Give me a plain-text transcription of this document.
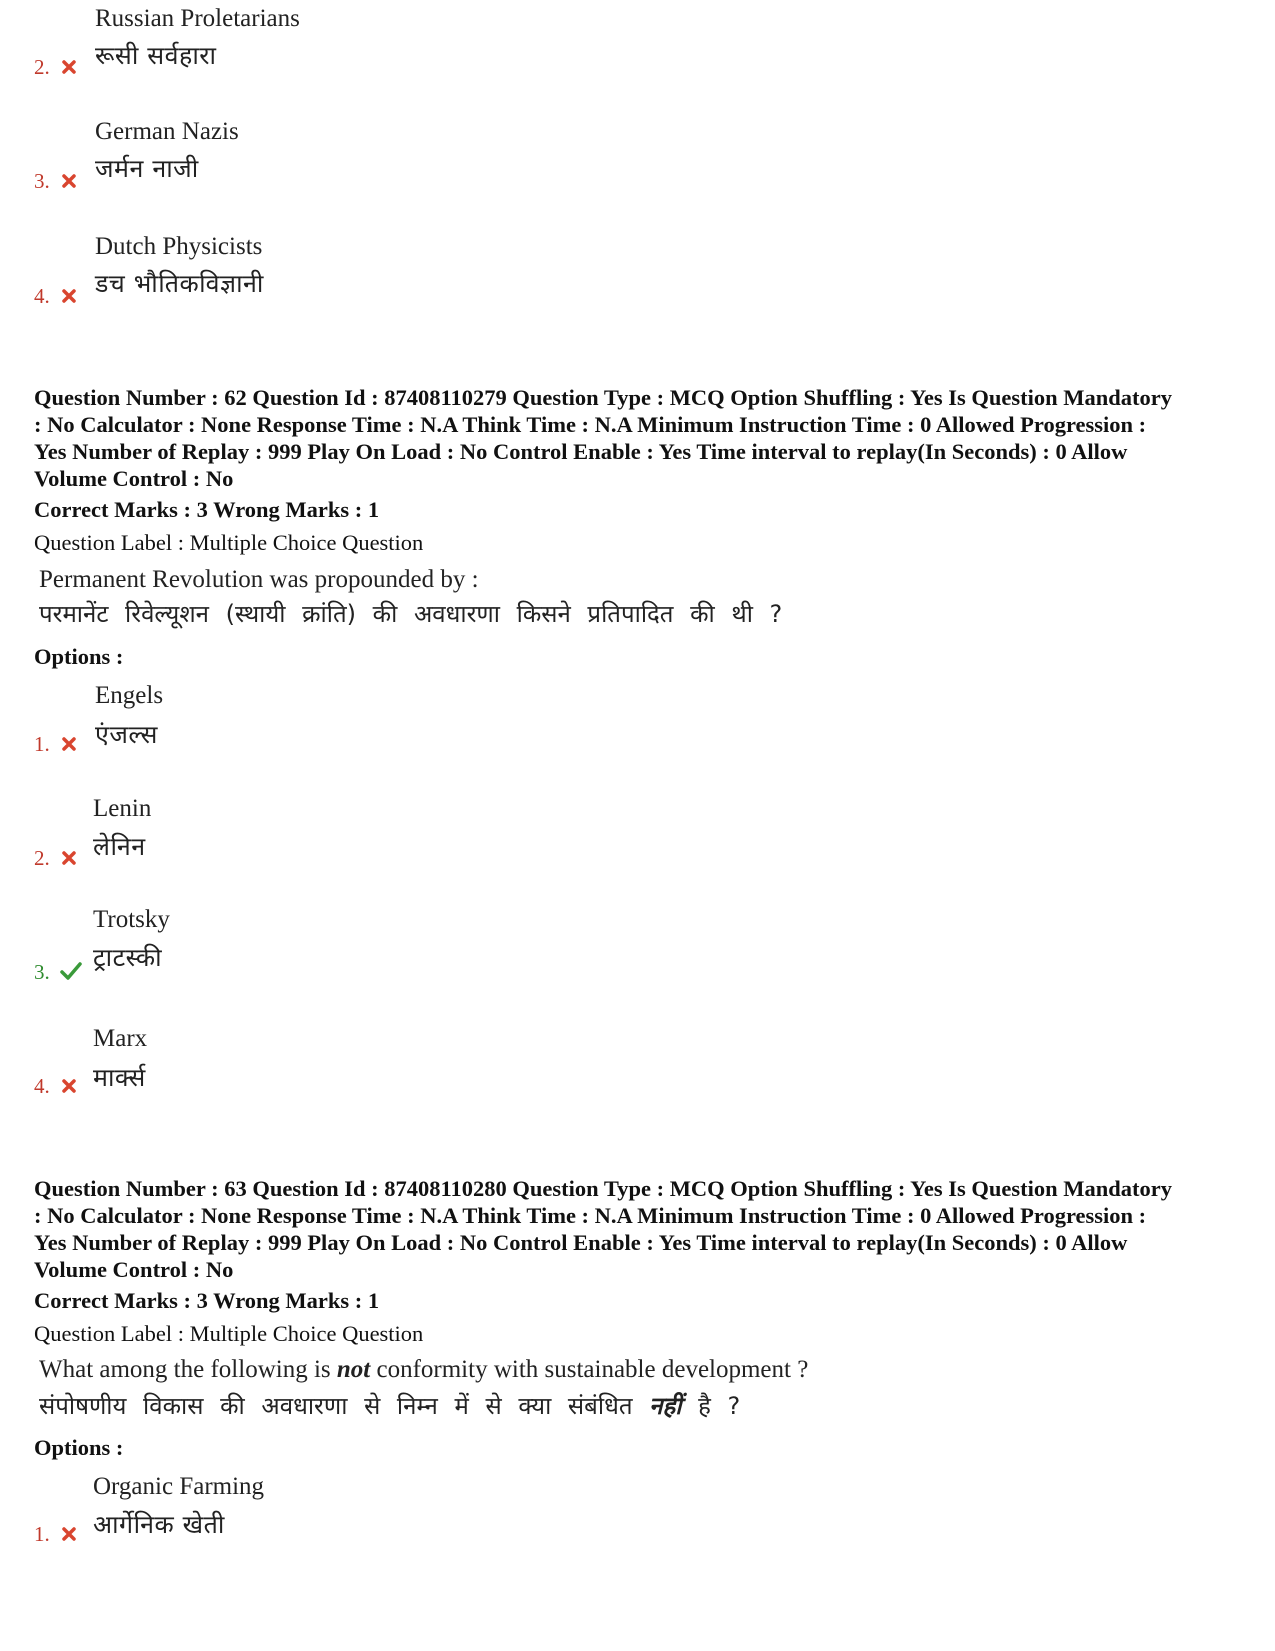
Russian Proletarians
रूसी सर्वहारा
2.
German Nazis
जर्मन नाजी
3.
Dutch Physicists
डच भौतिकविज्ञानी
4.
Question Number : 62 Question Id : 87408110279 Question Type : MCQ Option Shuffling : Yes Is Question Mandatory : No Calculator : None Response Time : N.A Think Time : N.A Minimum Instruction Time : 0 Allowed Progression : Yes Number of Replay : 999 Play On Load : No Control Enable : Yes Time interval to replay(In Seconds) : 0 Allow Volume Control : No
Correct Marks : 3 Wrong Marks : 1
Question Label : Multiple Choice Question
Permanent Revolution was propounded by :
परमानेंट रिवेल्यूशन (स्थायी क्रांति) की अवधारणा किसने प्रतिपादित की थी ?
Options :
Engels
एंजल्स
1.
Lenin
लेनिन
2.
Trotsky
ट्राटस्की
3.
Marx
मार्क्स
4.
Question Number : 63 Question Id : 87408110280 Question Type : MCQ Option Shuffling : Yes Is Question Mandatory : No Calculator : None Response Time : N.A Think Time : N.A Minimum Instruction Time : 0 Allowed Progression : Yes Number of Replay : 999 Play On Load : No Control Enable : Yes Time interval to replay(In Seconds) : 0 Allow Volume Control : No
Correct Marks : 3 Wrong Marks : 1
Question Label : Multiple Choice Question
What among the following is not conformity with sustainable development ?
संपोषणीय विकास की अवधारणा से निम्न में से क्या संबंधित नहीं है ?
Options :
Organic Farming
आर्गेनिक खेती
1.
